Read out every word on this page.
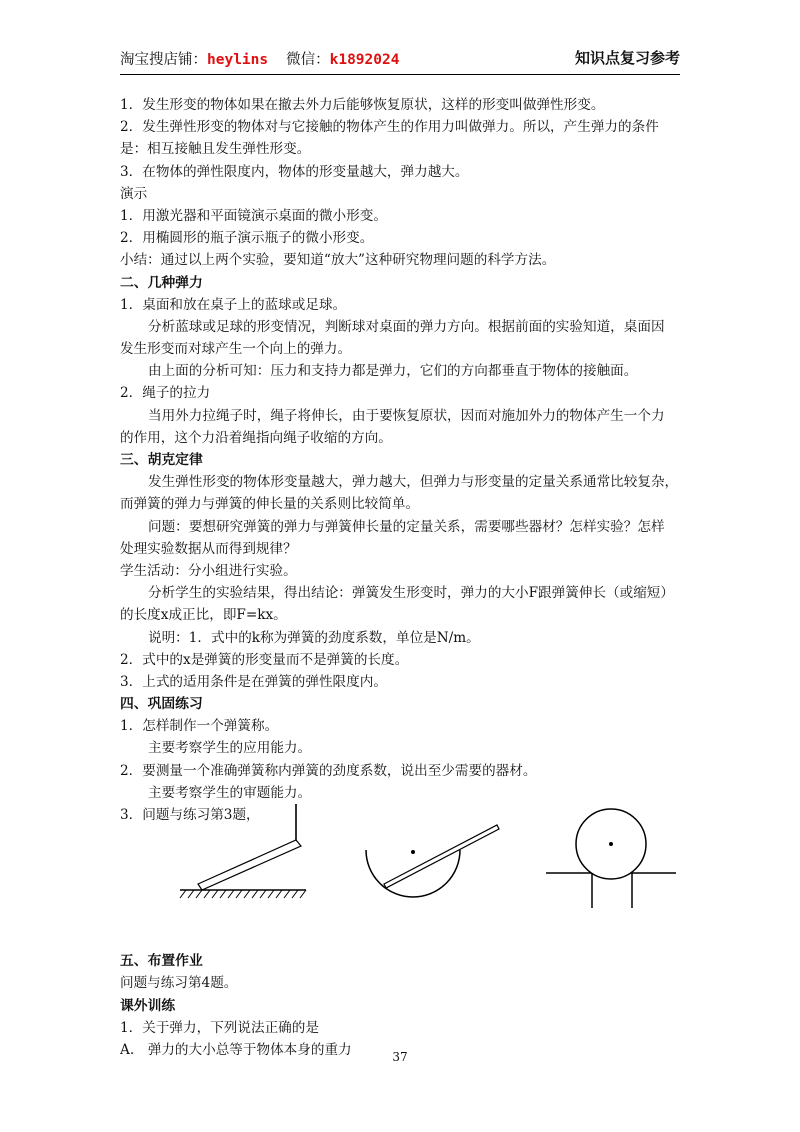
淘宝搜店铺：heylins 微信：k1892024	知识点复习参考
1．发生形变的物体如果在撤去外力后能够恢复原状，这样的形变叫做弹性形变。
2．发生弹性形变的物体对与它接触的物体产生的作用力叫做弹力。所以，产生弹力的条件
是：相互接触且发生弹性形变。
3．在物体的弹性限度内，物体的形变量越大，弹力越大。
演示
1．用激光器和平面镜演示桌面的微小形变。
2．用椭圆形的瓶子演示瓶子的微小形变。
小结：通过以上两个实验，要知道“放大”这种研究物理问题的科学方法。
二、几种弹力
1．桌面和放在桌子上的蓝球或足球。
分析蓝球或足球的形变情况，判断球对桌面的弹力方向。根据前面的实验知道，桌面因
发生形变而对球产生一个向上的弹力。
由上面的分析可知：压力和支持力都是弹力，它们的方向都垂直于物体的接触面。
2．绳子的拉力
当用外力拉绳子时，绳子将伸长，由于要恢复原状，因而对施加外力的物体产生一个力
的作用，这个力沿着绳指向绳子收缩的方向。
三、胡克定律
发生弹性形变的物体形变量越大，弹力越大，但弹力与形变量的定量关系通常比较复杂，
而弹簧的弹力与弹簧的伸长量的关系则比较简单。
问题：要想研究弹簧的弹力与弹簧伸长量的定量关系，需要哪些器材？怎样实验？怎样
处理实验数据从而得到规律？
学生活动：分小组进行实验。
分析学生的实验结果，得出结论：弹簧发生形变时，弹力的大小F跟弹簧伸长（或缩短）
的长度x成正比，即F=kx。
说明：1．式中的k称为弹簧的劲度系数，单位是N/m。
2．式中的x是弹簧的形变量而不是弹簧的长度。
3．上式的适用条件是在弹簧的弹性限度内。
四、巩固练习
1．怎样制作一个弹簧称。
主要考察学生的应用能力。
2．要测量一个准确弹簧称内弹簧的劲度系数，说出至少需要的器材。
主要考察学生的审题能力。
3．问题与练习第3题，
五、布置作业
问题与练习第4题。
课外训练
1．关于弹力，下列说法正确的是
A.　弹力的大小总等于物体本身的重力	37
